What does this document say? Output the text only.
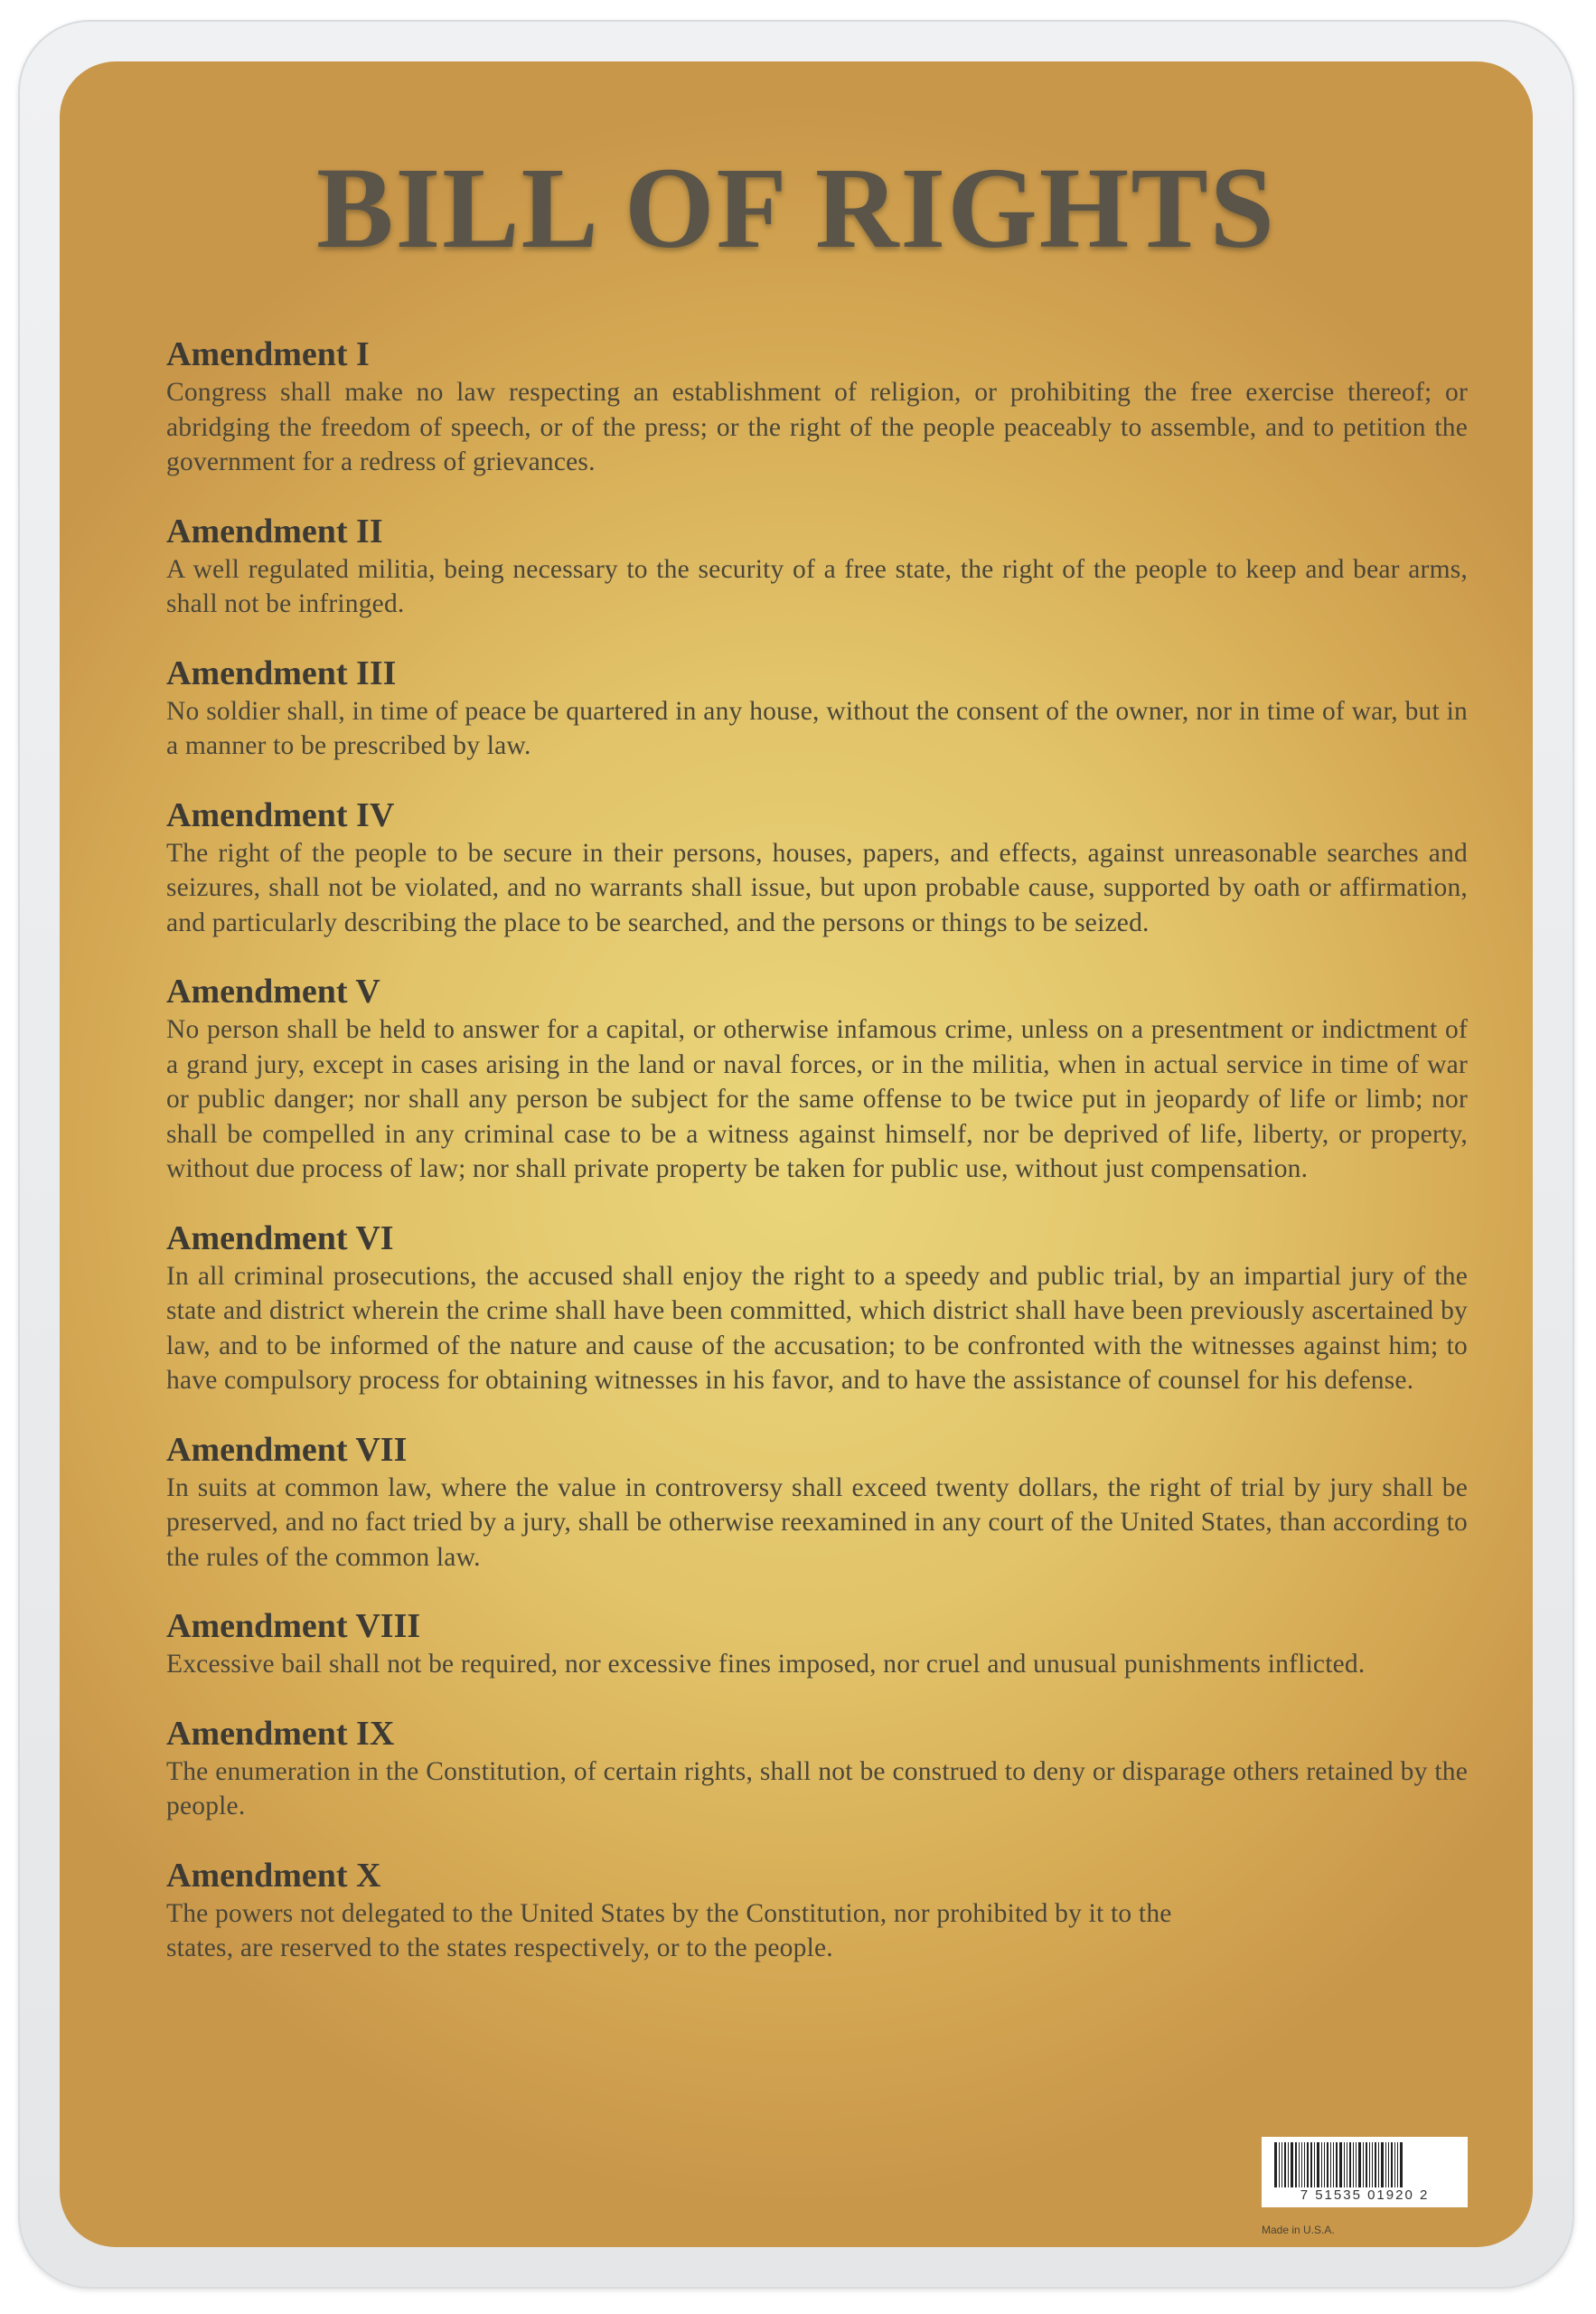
BILL OF RIGHTS
Amendment I

Congress shall make no law respecting an establishment of religion, or prohibiting the free exercise thereof; or abridging the freedom of speech, or of the press; or the right of the people peaceably to assemble, and to petition the government for a redress of grievances.

Amendment II

A well regulated militia, being necessary to the security of a free state, the right of the people to keep and bear arms, shall not be infringed.

Amendment III

No soldier shall, in time of peace be quartered in any house, without the consent of the owner, nor in time of war, but in a manner to be prescribed by law.

Amendment IV

The right of the people to be secure in their persons, houses, papers, and effects, against unreasonable searches and seizures, shall not be violated, and no warrants shall issue, but upon probable cause, supported by oath or affirmation, and particularly describing the place to be searched, and the persons or things to be seized.

Amendment V

No person shall be held to answer for a capital, or otherwise infamous crime, unless on a presentment or indictment of a grand jury, except in cases arising in the land or naval forces, or in the militia, when in actual service in time of war or public danger; nor shall any person be subject for the same offense to be twice put in jeopardy of life or limb; nor shall be compelled in any criminal case to be a witness against himself, nor be deprived of life, liberty, or property, without due process of law; nor shall private property be taken for public use, without just compensation.

Amendment VI

In all criminal prosecutions, the accused shall enjoy the right to a speedy and public trial, by an impartial jury of the state and district wherein the crime shall have been committed, which district shall have been previously ascertained by law, and to be informed of the nature and cause of the accusation; to be confronted with the witnesses against him; to have compulsory process for obtaining witnesses in his favor, and to have the assistance of counsel for his defense.

Amendment VII

In suits at common law, where the value in controversy shall exceed twenty dollars, the right of trial by jury shall be preserved, and no fact tried by a jury, shall be otherwise reexamined in any court of the United States, than according to the rules of the common law.

Amendment VIII

Excessive bail shall not be required, nor excessive fines imposed, nor cruel and unusual punishments inflicted.

Amendment IX

The enumeration in the Constitution, of certain rights, shall not be construed to deny or disparage others retained by the people.

Amendment X

The powers not delegated to the United States by the Constitution, nor prohibited by it to the states, are reserved to the states respectively, or to the people.

7 51535 01920 2
Made in U.S.A.
